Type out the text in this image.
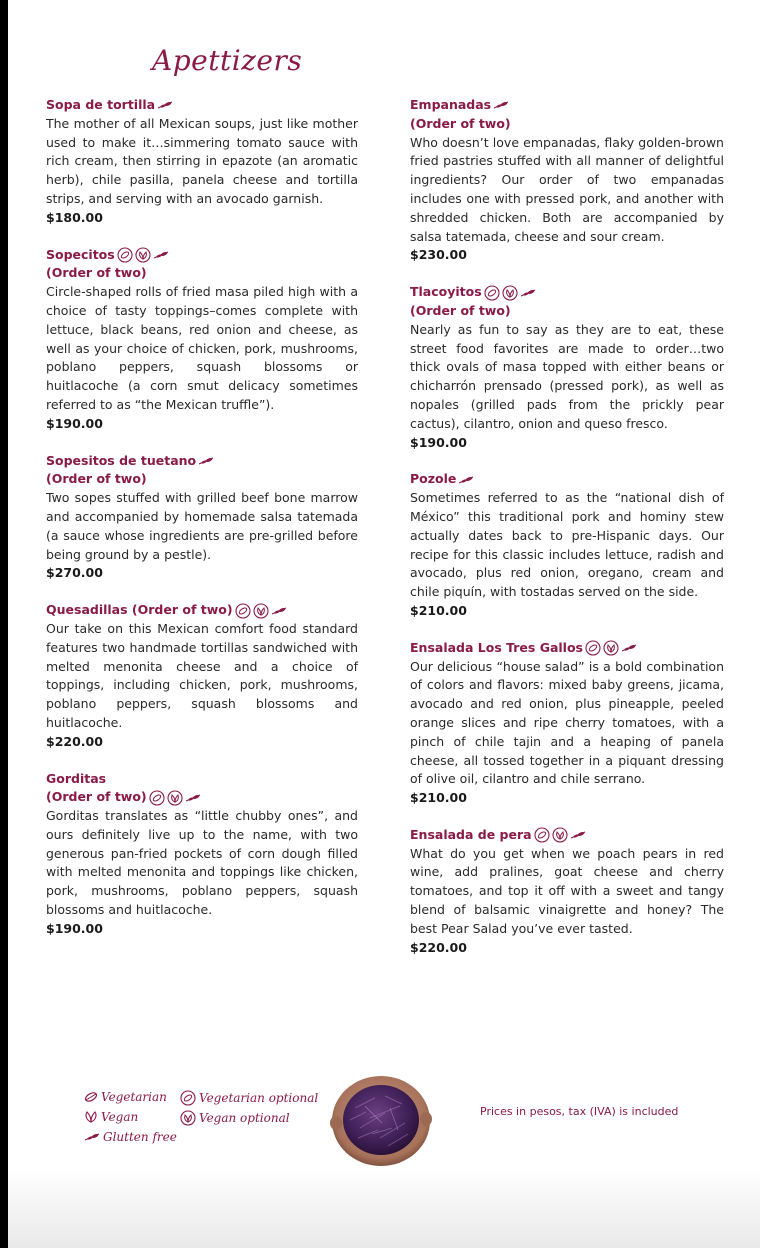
Apettizers
Sopa de tortilla
The mother of all Mexican soups, just like mother used to make it…simmering tomato sauce with rich cream, then stirring in epazote (an aromatic herb), chile pasilla, panela cheese and tortilla strips, and serving with an avocado garnish.
$180.00
Sopecitos
(Order of two)
Circle-shaped rolls of fried masa piled high with a choice of tasty toppings–comes complete with lettuce, black beans, red onion and cheese, as well as your choice of chicken, pork, mushrooms, poblano peppers, squash blossoms or huitlacoche (a corn smut delicacy sometimes referred to as “the Mexican truffle”).
$190.00
Sopesitos de tuetano
(Order of two)
Two sopes stuffed with grilled beef bone marrow and accompanied by homemade salsa tatemada (a sauce whose ingredients are pre-grilled before being ground by a pestle).
$270.00
Quesadillas (Order of two)
Our take on this Mexican comfort food standard features two handmade tortillas sandwiched with melted menonita cheese and a choice of toppings, including chicken, pork, mushrooms, poblano peppers, squash blossoms and huitlacoche.
$220.00
Gorditas
(Order of two)
Gorditas translates as “little chubby ones”, and ours definitely live up to the name, with two generous pan-fried pockets of corn dough filled with melted menonita and toppings like chicken, pork, mushrooms, poblano peppers, squash blossoms and huitlacoche.
$190.00
Empanadas
(Order of two)
Who doesn’t love empanadas, flaky golden-brown fried pastries stuffed with all manner of delightful ingredients? Our order of two empanadas includes one with pressed pork, and another with shredded chicken. Both are accompanied by salsa tatemada, cheese and sour cream.
$230.00
Tlacoyitos
(Order of two)
Nearly as fun to say as they are to eat, these street food favorites are made to order…two thick ovals of masa topped with either beans or chicharrón prensado (pressed pork), as well as nopales (grilled pads from the prickly pear cactus), cilantro, onion and queso fresco.
$190.00
Pozole
Sometimes referred to as the “national dish of México” this traditional pork and hominy stew actually dates back to pre-Hispanic days. Our recipe for this classic includes lettuce, radish and avocado, plus red onion, oregano, cream and chile piquín, with tostadas served on the side.
$210.00
Ensalada Los Tres Gallos
Our delicious “house salad” is a bold combination of colors and flavors: mixed baby greens, jicama, avocado and red onion, plus pineapple, peeled orange slices and ripe cherry tomatoes, with a pinch of chile tajin and a heaping of panela cheese, all tossed together in a piquant dressing of olive oil, cilantro and chile serrano.
$210.00
Ensalada de pera
What do you get when we poach pears in red wine, add pralines, goat cheese and cherry tomatoes, and top it off with a sweet and tangy blend of balsamic vinaigrette and honey? The best Pear Salad you’ve ever tasted.
$220.00
Vegetarian
Vegan
Glutten free
Vegetarian optional
Vegan optional	Prices in pesos, tax (IVA) is included
